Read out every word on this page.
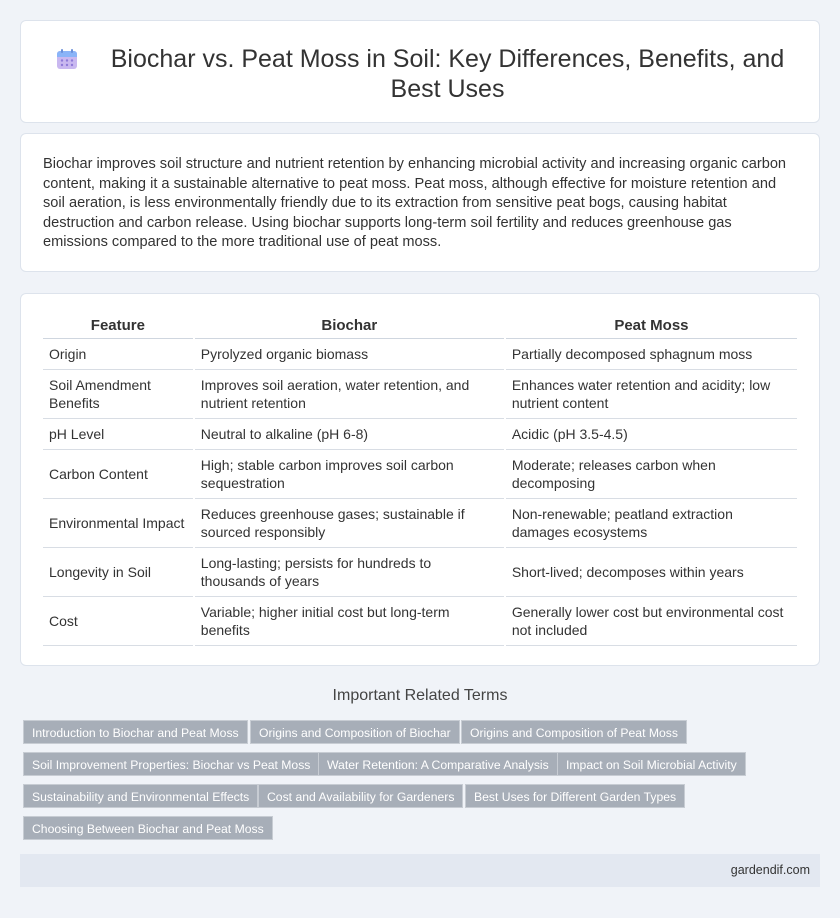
Biochar vs. Peat Moss in Soil: Key Differences, Benefits, and Best Uses

Biochar improves soil structure and nutrient retention by enhancing microbial activity and increasing organic carbon content, making it a sustainable alternative to peat moss. Peat moss, although effective for moisture retention and soil aeration, is less environmentally friendly due to its extraction from sensitive peat bogs, causing habitat destruction and carbon release. Using biochar supports long-term soil fertility and reduces greenhouse gas emissions compared to the more traditional use of peat moss.

Feature	Biochar	Peat Moss
Origin	Pyrolyzed organic biomass	Partially decomposed sphagnum moss
Soil Amendment Benefits	Improves soil aeration, water retention, and nutrient retention	Enhances water retention and acidity; low nutrient content
pH Level	Neutral to alkaline (pH 6-8)	Acidic (pH 3.5-4.5)
Carbon Content	High; stable carbon improves soil carbon sequestration	Moderate; releases carbon when decomposing
Environmental Impact	Reduces greenhouse gases; sustainable if sourced responsibly	Non-renewable; peatland extraction damages ecosystems
Longevity in Soil	Long-lasting; persists for hundreds to thousands of years	Short-lived; decomposes within years
Cost	Variable; higher initial cost but long-term benefits	Generally lower cost but environmental cost not included
Important Related Terms
Introduction to Biochar and Peat Moss	Origins and Composition of Biochar	Origins and Composition of Peat Moss
Soil Improvement Properties: Biochar vs Peat Moss	Water Retention: A Comparative Analysis	Impact on Soil Microbial Activity
Sustainability and Environmental Effects	Cost and Availability for Gardeners	Best Uses for Different Garden Types
Choosing Between Biochar and Peat Moss
gardendif.com
